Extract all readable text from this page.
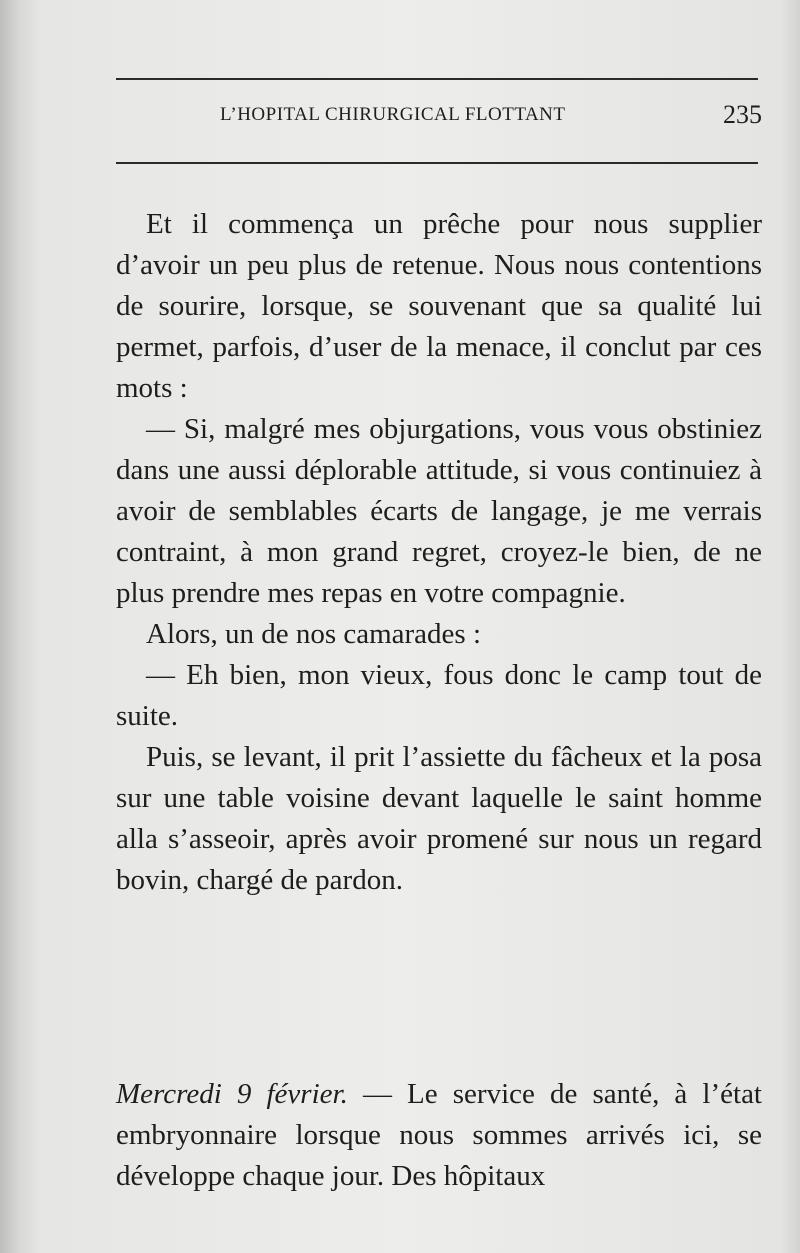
L’HOPITAL CHIRURGICAL FLOTTANT	235

Et il commença un prêche pour nous supplier d’avoir un peu plus de retenue. Nous nous contentions de sourire, lorsque, se souvenant que sa qualité lui permet, parfois, d’user de la menace, il conclut par ces mots :

— Si, malgré mes objurgations, vous vous obstiniez dans une aussi déplorable attitude, si vous continuiez à avoir de semblables écarts de langage, je me verrais contraint, à mon grand regret, croyez-le bien, de ne plus prendre mes repas en votre compagnie.

Alors, un de nos camarades :

— Eh bien, mon vieux, fous donc le camp tout de suite.

Puis, se levant, il prit l’assiette du fâcheux et la posa sur une table voisine devant laquelle le saint homme alla s’asseoir, après avoir promené sur nous un regard bovin, chargé de pardon.

Mercredi 9 février. — Le service de santé, à l’état embryonnaire lorsque nous sommes arrivés ici, se développe chaque jour. Des hôpitaux
